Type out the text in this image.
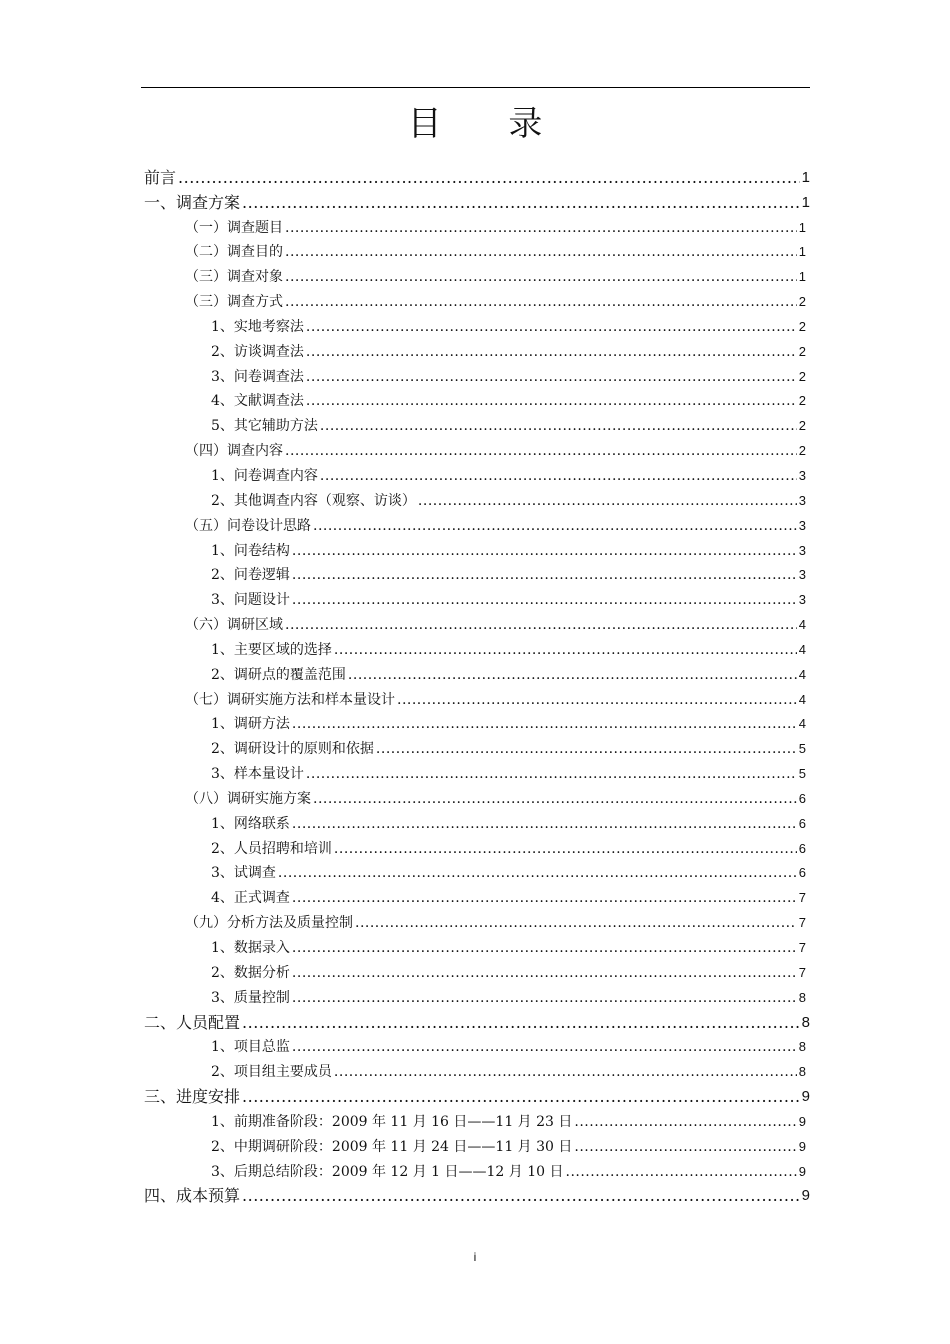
目 录
前言 .....	1
一、调查方案 .....	1
（一）调查题目 .....	1
（二）调查目的 .....	1
（三）调查对象 .....	1
（三）调查方式 .....	2
1、实地考察法 .....	2
2、访谈调查法 .....	2
3、问卷调查法 .....	2
4、文献调查法 .....	2
5、其它辅助方法 .....	2
（四）调查内容 .....	2
1、问卷调查内容 .....	3
2、其他调查内容（观察、访谈） .....	3
（五）问卷设计思路 .....	3
1、问卷结构 .....	3
2、问卷逻辑 .....	3
3、问题设计 .....	3
（六）调研区域 .....	4
1、主要区域的选择 .....	4
2、调研点的覆盖范围 .....	4
（七）调研实施方法和样本量设计 .....	4
1、调研方法 .....	4
2、调研设计的原则和依据 .....	5
3、样本量设计 .....	5
（八）调研实施方案 .....	6
1、网络联系 .....	6
2、人员招聘和培训 .....	6
3、试调查 .....	6
4、正式调查 .....	7
（九）分析方法及质量控制 .....	7
1、数据录入 .....	7
2、数据分析 .....	7
3、质量控制 .....	8
二、人员配置 .....	8
1、项目总监 .....	8
2、项目组主要成员 .....	8
三、进度安排 .....	9
1、前期准备阶段：2009 年 11 月 16 日——11 月 23 日 .....	9
2、中期调研阶段：2009 年 11 月 24 日——11 月 30 日 .....	9
3、后期总结阶段：2009 年 12 月 1 日——12 月 10 日 .....	9
四、成本预算 .....	9
i
